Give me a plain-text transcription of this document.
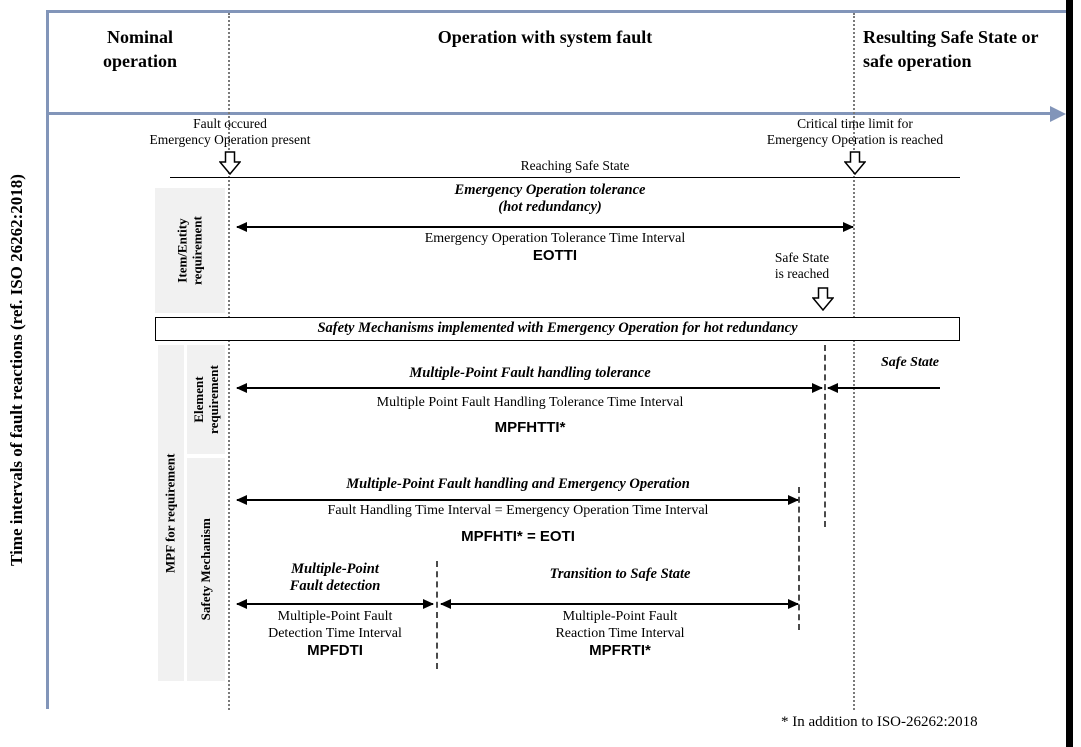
Time intervals of fault reactions (ref. ISO 26262:2018)
Nominal operation
Operation with system fault	Resulting Safe State or safe operation
Fault occured
Emergency Operation present
Critical time limit for
Emergency Operation is reached
Reaching Safe State
Item/Entity requirement
Emergency Operation tolerance
(hot redundancy)
Emergency Operation Tolerance Time Interval
EOTTI	Safe State
is reached
Safety Mechanisms implemented with Emergency Operation for hot redundancy
MPF for requirement
Element requirement
Safety Mechanism
Multiple-Point Fault handling tolerance
Safe State
Multiple Point Fault Handling Tolerance Time Interval
MPFHTTI*
Multiple-Point Fault handling and Emergency Operation
Fault Handling Time Interval = Emergency Operation Time Interval
MPFHTI* = EOTI
Multiple-Point
Fault detection
Transition to Safe State
Multiple-Point Fault
Detection Time Interval
MPFDTI
Multiple-Point Fault
Reaction Time Interval
MPFRTI*
* In addition to ISO-26262:2018
